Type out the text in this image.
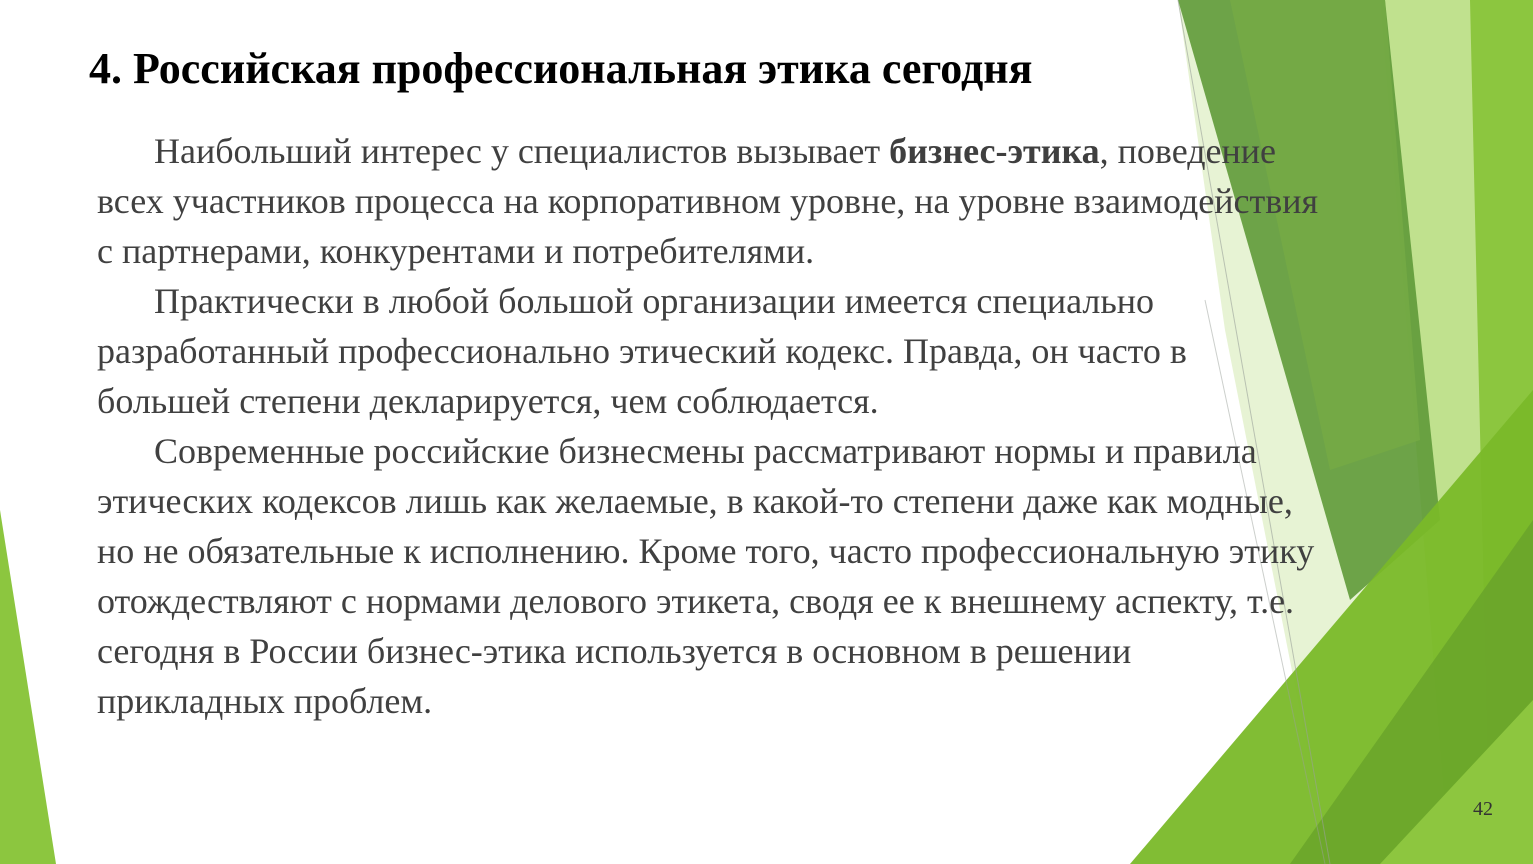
4. Российская профессиональная этика сегодня

Наибольший интерес у специалистов вызывает бизнес-этика, поведение всех участников процесса на корпоративном уровне, на уровне взаимодействия с партнерами, конкурентами и потребителями.

Практически в любой большой организации имеется специально разработанный профессионально этический кодекс. Правда, он часто в большей степени декларируется, чем соблюдается.

Современные российские бизнесмены рассматривают нормы и правила этических кодексов лишь как желаемые, в какой-то степени даже как модные, но не обязательные к исполнению. Кроме того, часто профессиональную этику отождествляют с нормами делового этикета, сводя ее к внешнему аспекту, т.е. сегодня в России бизнес-этика используется в основном в решении прикладных проблем.

42
